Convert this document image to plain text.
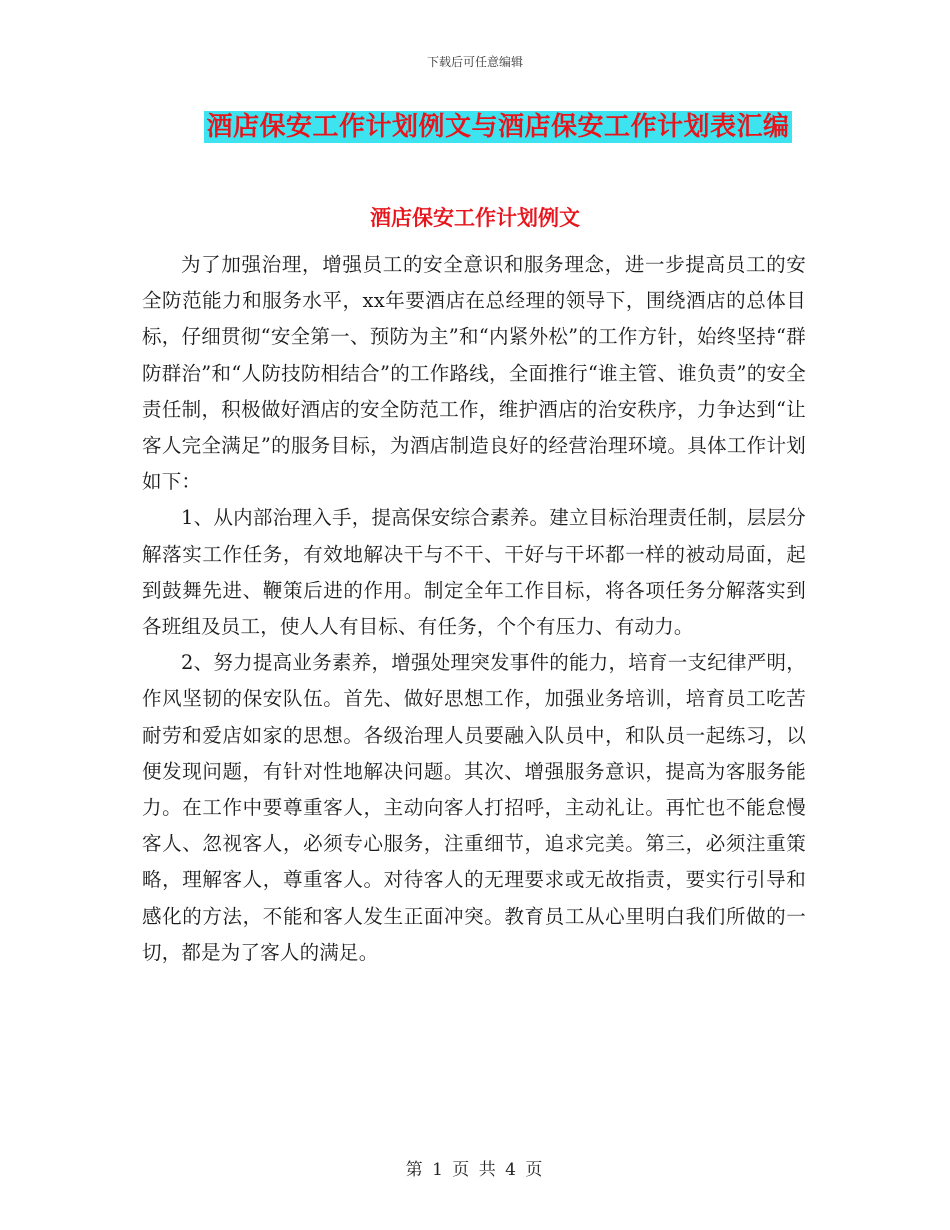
下载后可任意编辑
酒店保安工作计划例文与酒店保安工作计划表汇编
酒店保安工作计划例文

为了加强治理，增强员工的安全意识和服务理念，进一步提高员工的安全防范能力和服务水平，xx年要酒店在总经理的领导下，围绕酒店的总体目标，仔细贯彻“安全第一、预防为主”和“内紧外松”的工作方针，始终坚持“群防群治”和“人防技防相结合”的工作路线，全面推行“谁主管、谁负责”的安全责任制，积极做好酒店的安全防范工作，维护酒店的治安秩序，力争达到“让客人完全满足”的服务目标，为酒店制造良好的经营治理环境。具体工作计划如下：

1、从内部治理入手，提高保安综合素养。建立目标治理责任制，层层分解落实工作任务，有效地解决干与不干、干好与干坏都一样的被动局面，起到鼓舞先进、鞭策后进的作用。制定全年工作目标，将各项任务分解落实到各班组及员工，使人人有目标、有任务，个个有压力、有动力。

2、努力提高业务素养，增强处理突发事件的能力，培育一支纪律严明，作风坚韧的保安队伍。首先、做好思想工作，加强业务培训，培育员工吃苦耐劳和爱店如家的思想。各级治理人员要融入队员中，和队员一起练习，以便发现问题，有针对性地解决问题。其次、增强服务意识，提高为客服务能力。在工作中要尊重客人，主动向客人打招呼，主动礼让。再忙也不能怠慢客人、忽视客人，必须专心服务，注重细节，追求完美。第三，必须注重策略，理解客人，尊重客人。对待客人的无理要求或无故指责，要实行引导和感化的方法，不能和客人发生正面冲突。教育员工从心里明白我们所做的一切，都是为了客人的满足。

第 1 页 共 4 页
